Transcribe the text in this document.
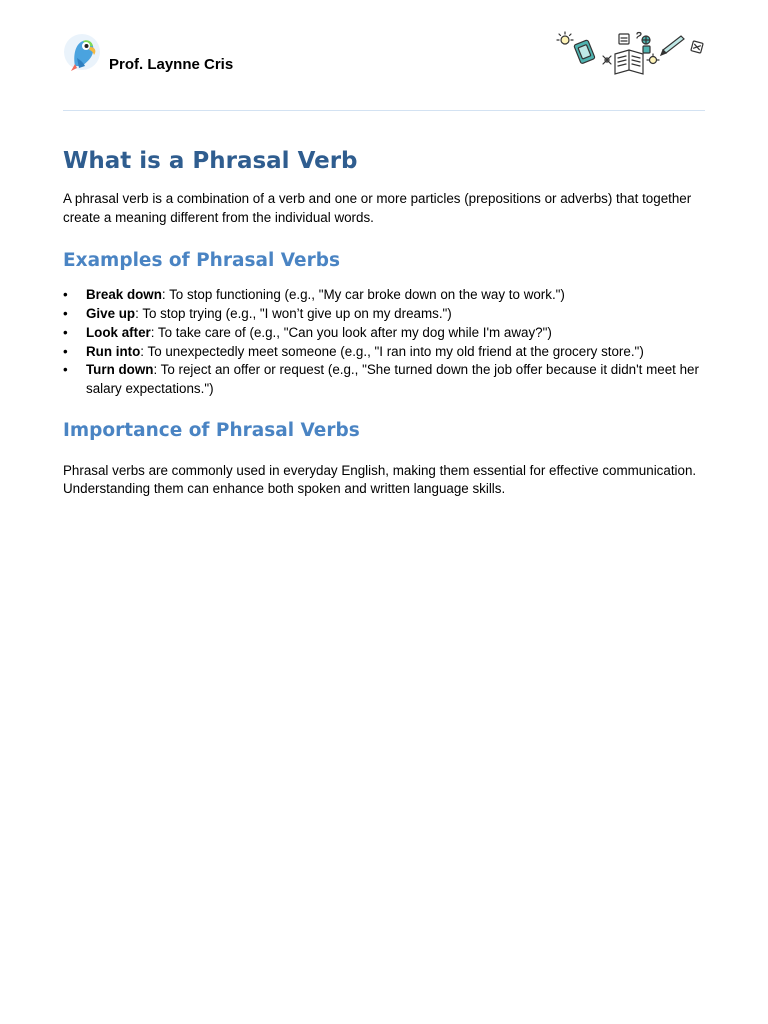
Prof. Laynne Cris
What is a Phrasal Verb

A phrasal verb is a combination of a verb and one or more particles (prepositions or adverbs) that together create a meaning different from the individual words.

Examples of Phrasal Verbs
• Break down: To stop functioning (e.g., "My car broke down on the way to work.")
• Give up: To stop trying (e.g., "I won’t give up on my dreams.")
• Look after: To take care of (e.g., "Can you look after my dog while I'm away?")
• Run into: To unexpectedly meet someone (e.g., "I ran into my old friend at the grocery store.")
• Turn down: To reject an offer or request (e.g., "She turned down the job offer because it didn't meet her salary expectations.")
Importance of Phrasal Verbs

Phrasal verbs are commonly used in everyday English, making them essential for effective communication. Understanding them can enhance both spoken and written language skills.
